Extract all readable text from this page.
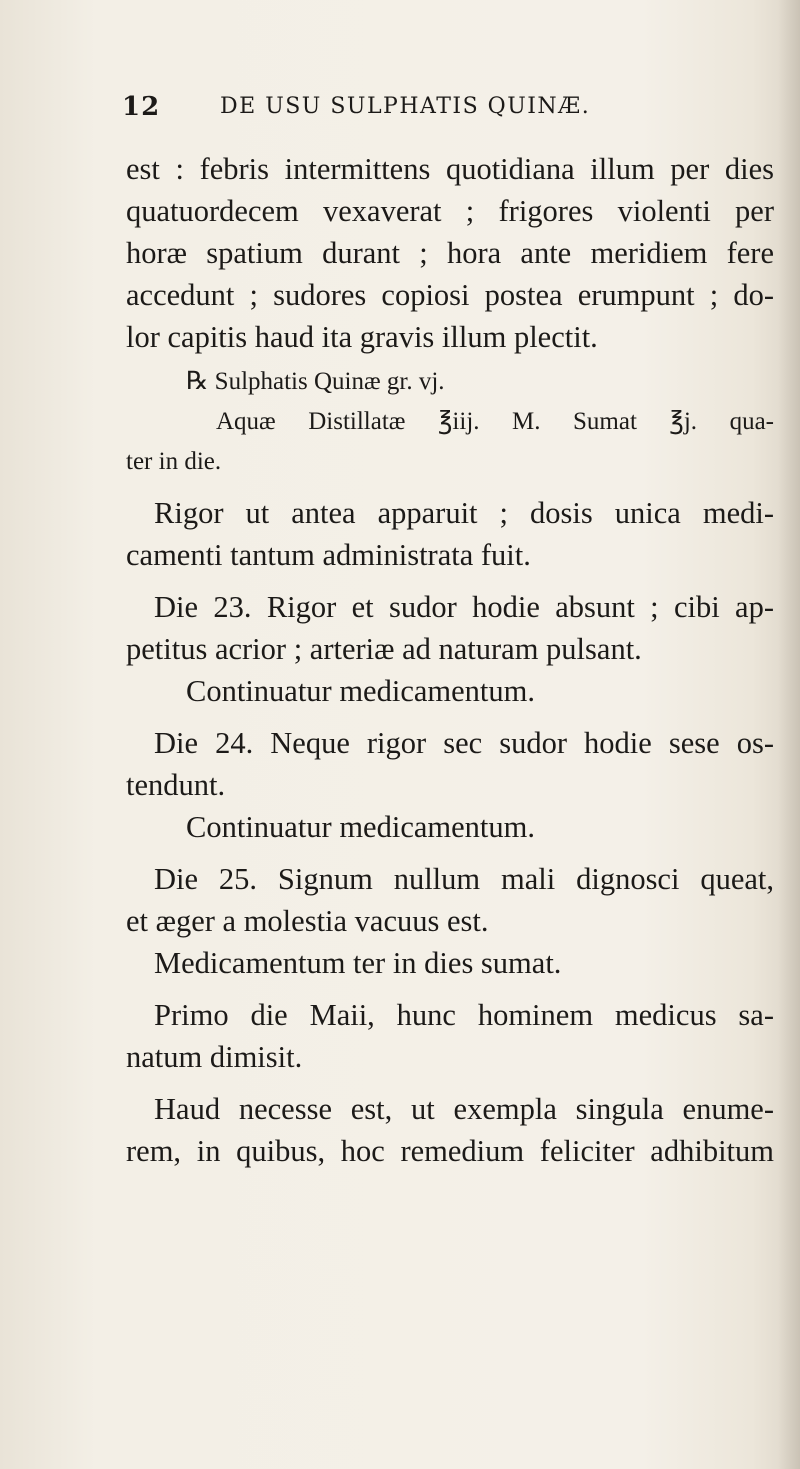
12	DE USU SULPHATIS QUINÆ.
est : febris intermittens quotidiana illum per dies
quatuordecem vexaverat ; frigores violenti per
horæ spatium durant ; hora ante meridiem fere
accedunt ; sudores copiosi postea erumpunt ; do-
lor capitis haud ita gravis illum plectit.
℞ Sulphatis Quinæ gr. vj.
Aquæ Distillatæ ℥iij. M. Sumat ℥j. qua-
ter in die.
Rigor ut antea apparuit ; dosis unica medi-
camenti tantum administrata fuit.
Die 23. Rigor et sudor hodie absunt ; cibi ap-
petitus acrior ; arteriæ ad naturam pulsant.
Continuatur medicamentum.
Die 24. Neque rigor sec sudor hodie sese os-
tendunt.
Continuatur medicamentum.
Die 25. Signum nullum mali dignosci queat,
et æger a molestia vacuus est.
Medicamentum ter in dies sumat.
Primo die Maii, hunc hominem medicus sa-
natum dimisit.
Haud necesse est, ut exempla singula enume-
rem, in quibus, hoc remedium feliciter adhibitum
